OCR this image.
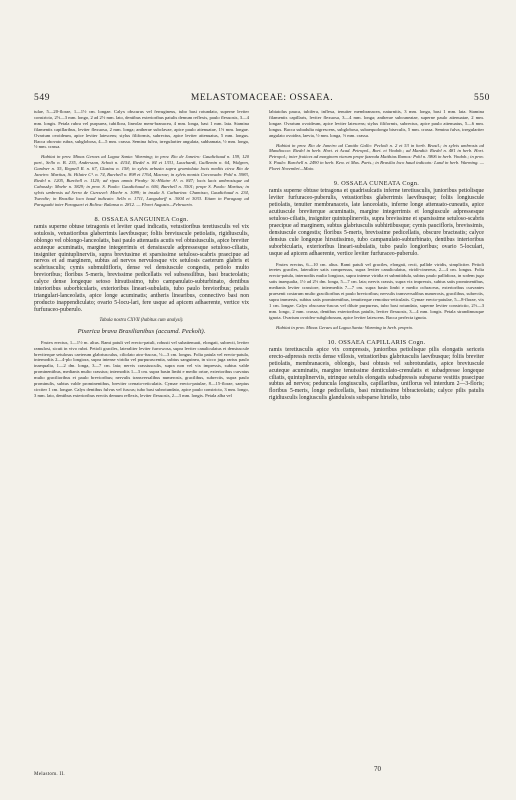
549	MELASTOMACEAE: OSSAEA.	550

tulae, 5—20-florae, 1—1½ cm. longae. Calyx obscurus vel ferrugineus, tubo basi rotundato, superne leviter constricto, 2½—3 mm. longo, 2 ad 2½ mm. lato, dentibus exterioribus patulis demum reflexis, paulo flexuosis, 3—4 mm. longis. Petala rubra vel purpurea, tubiflora, lineolar mem-branacea, 4 mm. longa, basi 1 mm. lata. Stamina filamentis capillaribus, leviter flexuosa, 2 mm. longa; antherae subclavae, apice paulo attenuatae, 1½ mm. longae. Ovarium ovoideum, apice leviter latescens; stylus filiformis, subrectus, apice leviter attenuatus, 5 mm. longus. Bacca obovato rubra, subglobosa, 4—5 mm. crassa. Semina fulva, irregulariter angulata, subhamata, ½ mm. longa, ½ mm. crassa.

Habitat in prov. Minas Geraes ad Lagoa Santa: Warming; in prov. Rio de Janeiro: Gaudichaud n. 159, 120 part., Sello n. B. 235, Andersson, Schott n. 4154, Riedel n. 84 et 1331, Lauchardt, Guillemin n. 64, Widgren, Gardner n. 55, Regnell R. n. 67, Glaziou n. 158; in sylvis arbusto supra gramiolata locis mediis circa Rio de Janeiro: Martius, St. Hilaire C¹. n. 74, Burchell n. 898 et 1764, Macrae; in sylvis montis Corcovado: Pohl n. 5983, Riedel n. 1205, Burchell n. 1120; ad ripas amnis Pirahy: St.-Hilaire A¹. n. 847; locis lacis umbrosisque ad Cabussky: Moehr n. 3829; in prov. S. Paulo: Gaudichaud n. 600, Burchell n. 3501; prope S. Paulo: Martius; in sylvis umbrosis ad Serra de Curcuvel: Moehr n. 1099; in insula S. Catharina: Chamisso, Gaudichaud n. 234, Tweedie; in Brasilia loco haud indicato: Sello n. 1711, Langsdorff n. 3004 et 3033. Etiam in Paraguay ad Paraguahi inter Paraguari et Boliva: Balansa n. 2812. — Floret Augusto—Februario.

8. OSSAEA SANGUINEA Cogn.

ramis superne obtuse tetragonis et leviter quad indicatis, vetustioribus teretiusculis vel vix sotulosis, vetustioribus glaberrimis laevibusque; foliis breviuscule petiolatis, rigidiusculis, oblongo vel oblongo-lanceolatis, basi paulo attenuatis acutis vel obtusiusculis, apice breviter acuteque acuminatis, margine integerrimis et densiuscule adpressesque setuloso-ciliatis, insigniter quintuplinerviis, supra breviusime et sparsissime setuloso-scabris praecipue ad nervos et ad marginem, subtus ad nervos nervulosque vix setulosis caeterum glabris et scabriusculis; cymis submultifloris, dense vel densiuscule congestis, petiolo multo brevioribus; floribus 5-meris, brevissime pedicellatis vel subsessilibus, basi bracteolatis; calyce dense longeque setoso hirsutissimo, tubo campanulato-subturbinato, dentibus interioribus suborbicularis, exterioribus lineari-subulatis, tubo paulo brevioribus; petalis triangulari-lanceolatis, apice longe acuminatis; antheris linearibus, connectivo basi non producto inappendiculato; ovario 5-locu-lari, fere usque ad apicem adhaerente, vertice vix furfuraceo-puberulo.

Tabula nostra CXVII (habitus cum analysi).

Pixerica brava Brasilianibus (accumd. Peckolt).

Frutex erectus, 1—1½ m. altus. Rami patuli vel erecto-patuli, robusti vel subattenuati, elongati, subrecti, leviter ramulosi, sicuti in vivo rubri. Petioli graciles, lateraliter leviter furrowosa, supra leviter canaliculatus et densiuscule breviterque setulosus caeterum glabriusculus, ciliolato atro-fuscus, ½—3 cm. longus. Folia patula vel erecto-patula, internodiis 2—4-plo longiora, supra intense viridia vel purpurascentia, subtus sanguinea, in sicco juga rarius paulo inaequalia, 1—2 dm. longa, 3—7 cm. lata; nervis crassiusculis, supra non vel vix impressis, subtus valde prominentibus, medianis multo crassius; internodiis 1—3 cm. supra basin limbi e medio ortae, exterioribus curvatus multo gracilioribus et paulo brevioribus; nervulis transversalibus numerosis, gracilibus, subrectis, supra paulo prominulis, subtus valde prominentibus, breviter crenato-reticulatis. Cymae erecto-patulae, 8—15-florae, saepius circiter 1 cm. longae. Calyx dentibus fulvus vel fuscus; tubo basi subrotundato, apice paulo constricto, 3 mm. longo, 3 mm. lato, dentibus exterioribus erectis demum reflexis, leviter flexuosis, 2—3 mm. longis. Petala alba vel

Melastom. II.

labiatolus pauca, tubifera, inflexa, tenuiter membranacea, naturnitis, 3 mm. longa, basi 1 mm. lata. Stamina filamentis capillaris, leviter flexuosa, 3—4 mm. longa; antherae subcuneatae, superne paulo attenuatae, 2 mm. longae. Ovarium ovoideum, apice leviter latescens; stylus filiformis, subrectus, apice paulo attenuatus, 5—6 mm. longus. Bacca subadulta nigrescens, subglobosa, subaequolonga biseculis, 5 mm. crassa. Semina fulva, irregulariter angulato ovoidea, laevia, ½ mm. longa, ½ mm. crassa.

Habitat in prov. Rio de Janeiro ad Cantão Gallo: Peckolt n. 2 et 53 in herb. Brasil.; in sylvis umbrosis ad Mandiocca: Riedel in herb. Hort. et Acad. Petropol., Bort. et Vindob.; ad Mandiú: Riedel n. 481 in herb. Hort. Petropol.; inter frutices ad marginem viarum prope fazenda Matthias Ramos: Pohl n. 3806 in herb. Vindob.; in prov. S. Paulo: Burchell n. 2490 in herb. Kew. et Mus. Paris.; in Brasilia loco haud indicato: Lund in herb. Warming. — Floret Novembri—Maio.

9. OSSAEA CUNEATA Cogn.

ramis superne obtuse tetragona et quadrisulcatis inferne teretiusculis, junioribus petiolisque leviter furfuraceo-puberulis, vetustioribus glaberrimis laevibusque; foliis longiuscule petiolatis, tenuiter membranaceis, late lanceolatis, inferne longe attenuato-cuneatis, apice acutiuscule breviterque acuminatis, margine integerrimis et longiuscule adpressesque setuloso-ciliatis, insigniter quintuplinerviis, supra brevissime et sparsissime setuloso-scabris praecipue ad marginem, subtus glabriusculis subhirtibusque; cymis paucifloris, brevissimis, densiuscule congestis; floribus 5-meris, brevissime pedicellatis, obscure bracteatis; calyce densius cule longeque hirsutissimo, tubo campanulato-subturbinato, dentibus interioribus suborbicularis, exterioribus lineari-subulatis, tubo paulo longioribus; ovario 5-loculari, usque ad apicem adhaerente, vertice leviter furfuraceo-puberulo.

Frutex erectus, 6—10 cm. altus. Rami patuli vel graciles, elongati, recti, pallide viridis, simpliciter. Petioli teretes graciles, lateraliter satis compressus, supra leviter canaliculatus, viridi-cinereus, 2—4 cm. longus. Folia erecto-patula, internodiis multo longiora, supra intense viridia et submitidula, subtus paulo pallidiora, in sodem jugo satis inaequalia, 1½ ad 2½ dm. longa, 5—7 cm. lata; nervis crassis, supra vix impressis, subtus satis prominentibus, medianis leviter crassiore, intermediis 7—7 cm. supra basin limbi e medio ochraceus, exterioribus curvantes praesenti costarum multo gracilioribus et paulo brevioribus; nervulis transversalibus numerosis, gracilibus, subrectis, supra immersis, subtus satis prominentibus, tenuiterque remotius-reticulatis. Cymae erecto-patulae, 5—8-florae, vix 1 cm. longae. Calyx obscurus-fuscus vel dilute purpureus, tubo basi rotundato, superne leviter constrictio, 2½—3 mm. longo, 2 mm. crassa, dentibus exterioribus patulis, leviter flexuosis, 3—4 mm. longis. Petala strandimusque ignota. Ovarium ovoideo-subglobosum, apice leviter latescens. Bacca perfecta ignota.

Habitat in prov. Minas Geraes ad Lagoa Santa: Warming in herb. proprio.

10. OSSAEA CAPILLARIS Cogn.

ramis teretiusculis apice vix compressis, junioribus petiolisque pilis elongatis sericeis erecto-adpressis rectis dense villosis, vetustioribus glabriusculis laevibusque; foliis breviter petiolatis, membranaceis, oblongis, basi obtusis vel subrotundatis, apice breviuscule acuteque acuminatis, margine tenuissime denticulato-crenulatis et subadpresse longeque ciliatis, quintuplinerviis, utrinque setulis elongatis subadpressis subsparse vestitis praecipue subtus ad nervos; peduncula longiusculis, capillaribus, uniflorus vel interdum 2—3-floris; floribus 5-meris, longe pedicellatis, basi minutissime bibracteolatis; calyce pilis patulis rigidiusculis longiusculis glandulosis subsparse hirtello, tubo

70
